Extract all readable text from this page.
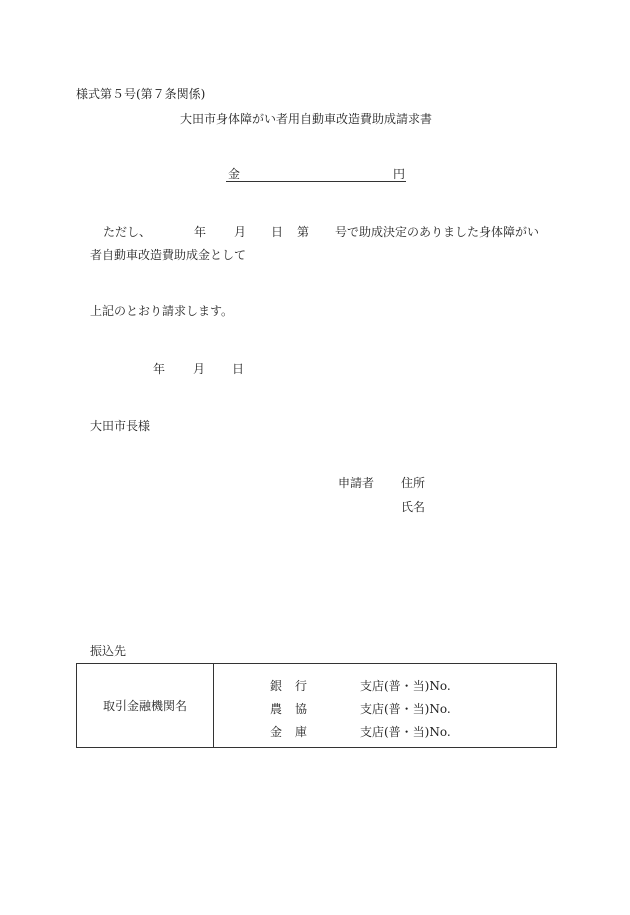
様式第５号(第７条関係)
大田市身体障がい者用自動車改造費助成請求書
金	円
ただし、	年 月 日 第 号で助成決定のありました身体障がい
者自動車改造費助成金として
上記のとおり請求します。
年 月 日
大田市長様
申請者 住所
氏名
振込先
取引金融機関名	
銀 行	支店(普・当)No.
農 協	支店(普・当)No.
金 庫	支店(普・当)No.
